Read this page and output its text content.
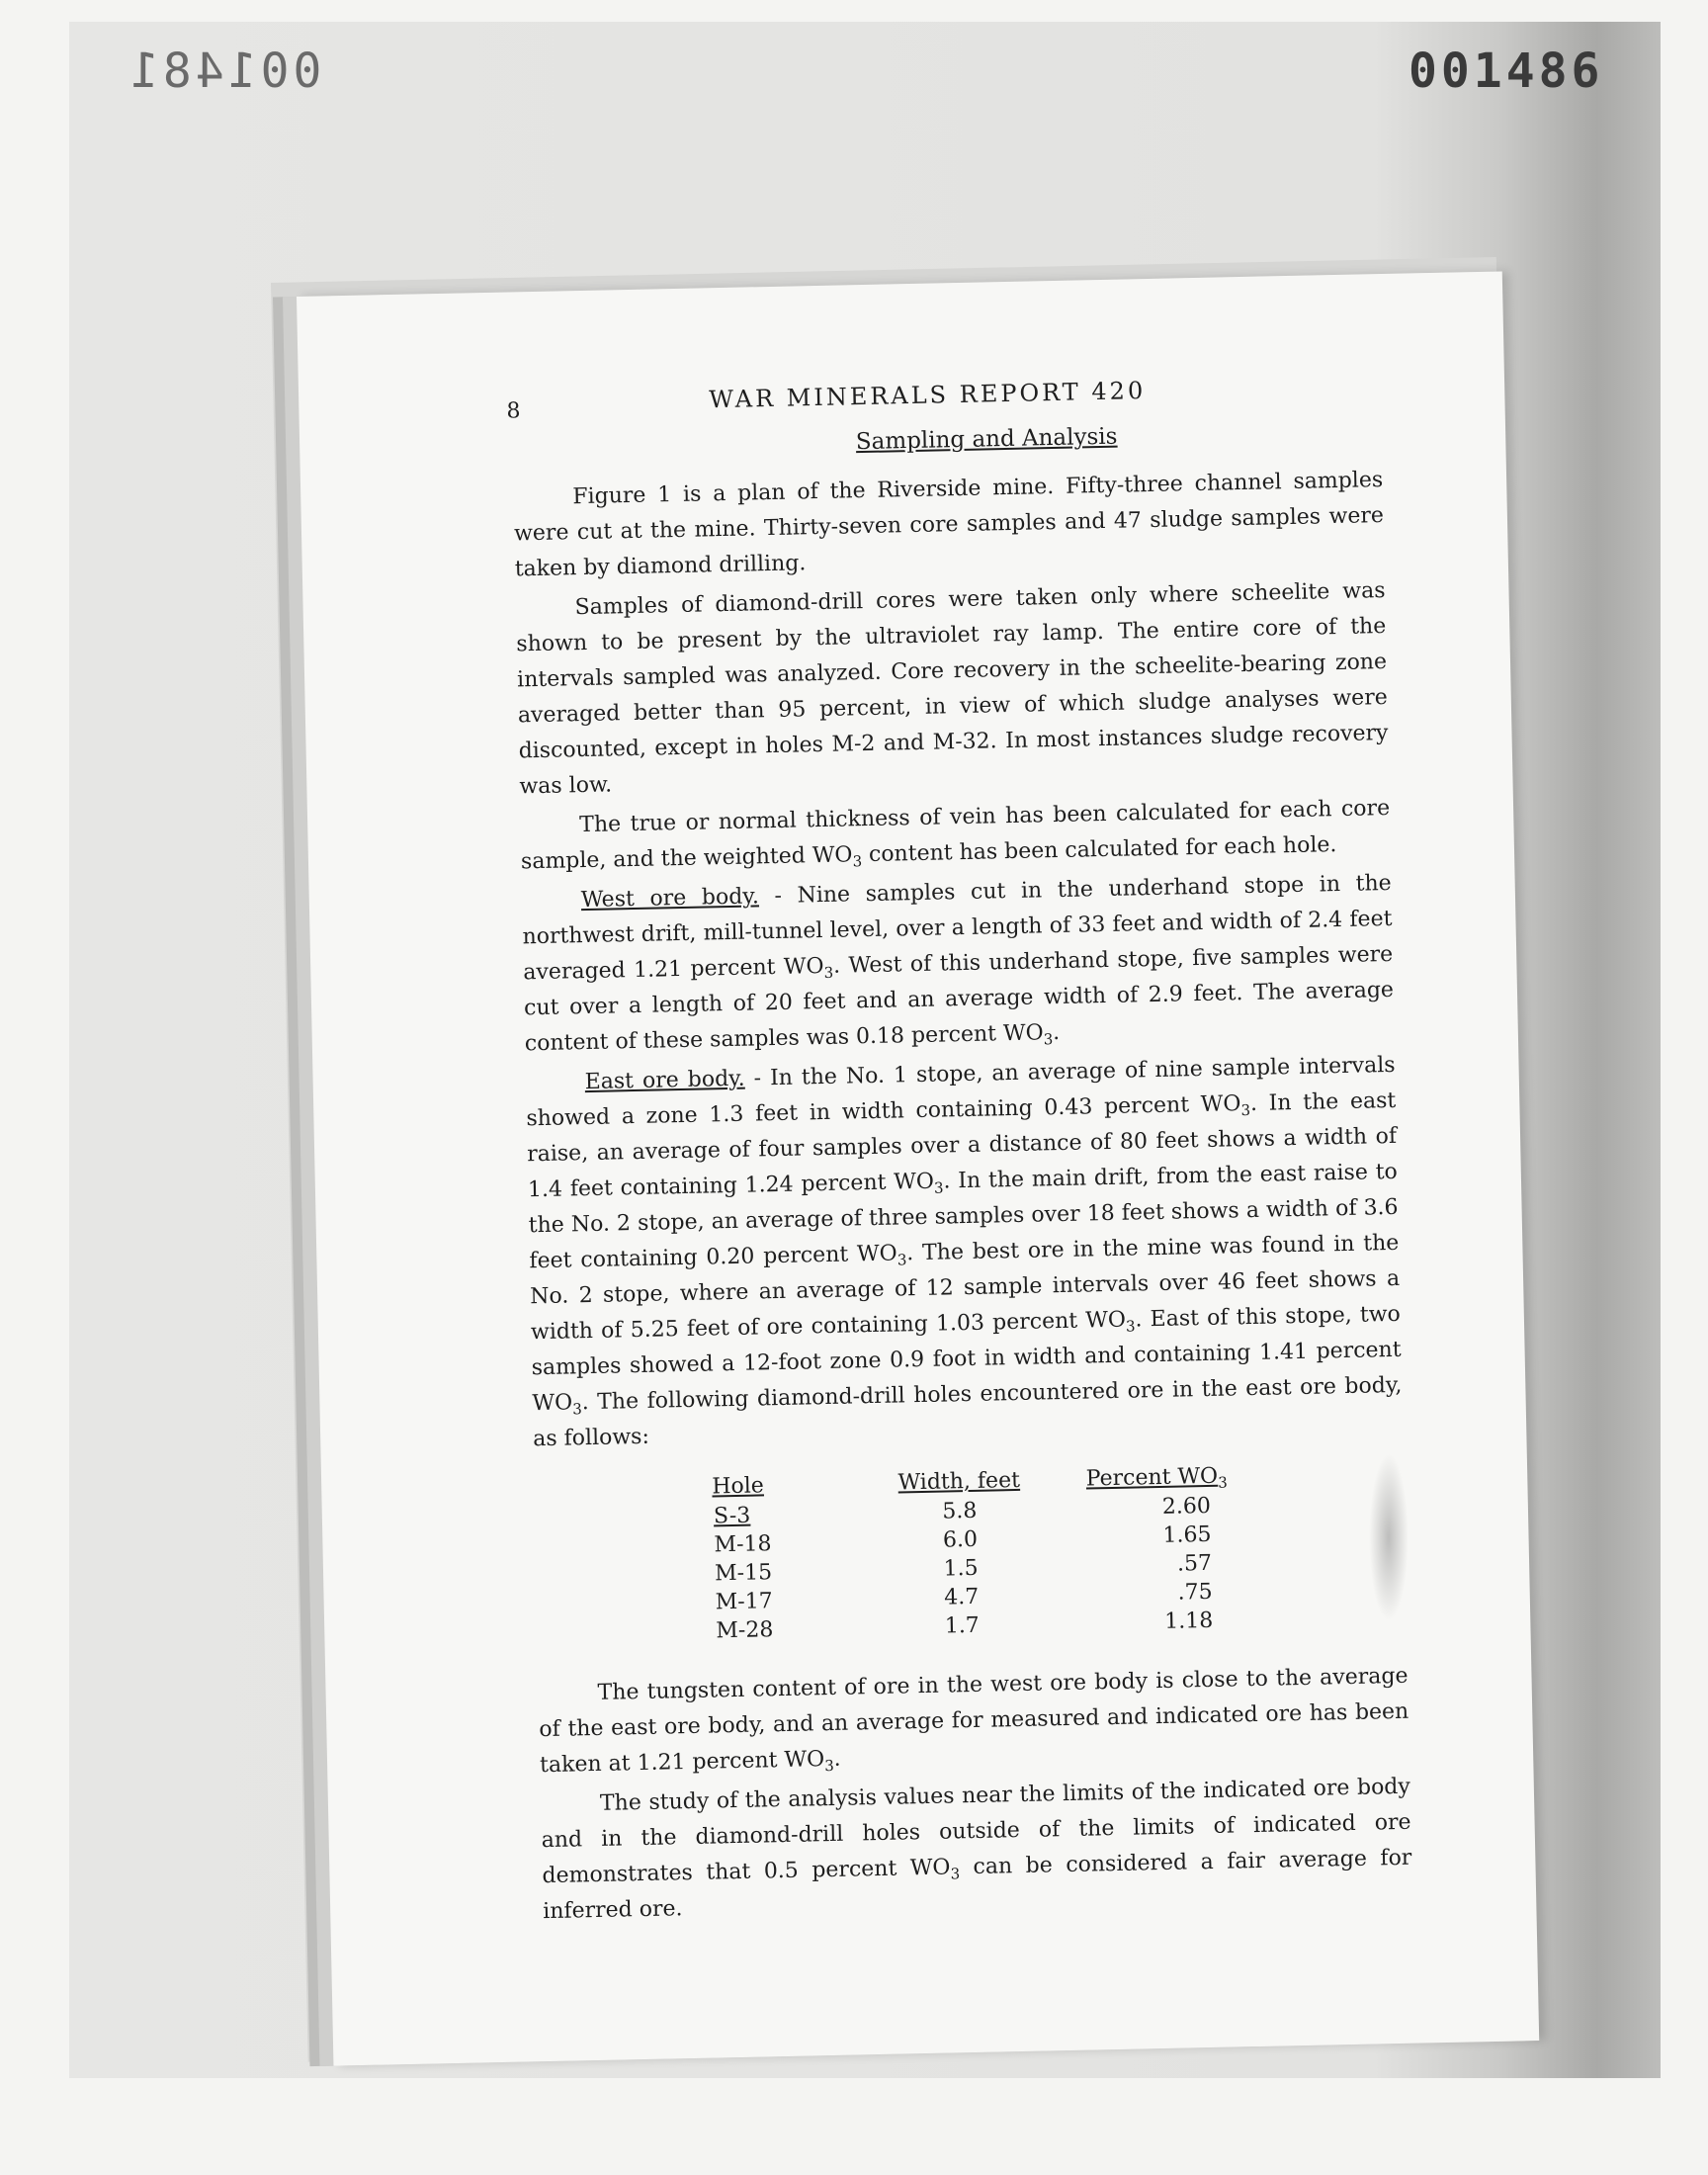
001481	001486
8	WAR MINERALS REPORT 420
Sampling and Analysis

Figure 1 is a plan of the Riverside mine. Fifty-three channel samples were cut at the mine. Thirty-seven core samples and 47 sludge samples were taken by diamond drilling.

Samples of diamond-drill cores were taken only where scheelite was shown to be present by the ultraviolet ray lamp. The entire core of the intervals sampled was analyzed. Core recovery in the scheelite-bearing zone averaged better than 95 percent, in view of which sludge analyses were discounted, except in holes M-2 and M-32. In most instances sludge recovery was low.

The true or normal thickness of vein has been calculated for each core sample, and the weighted $WO_3$ content has been calculated for each hole.

West ore body. - Nine samples cut in the underhand stope in the northwest drift, mill-tunnel level, over a length of 33 feet and width of 2.4 feet averaged 1.21 percent $WO_3$. West of this underhand stope, five samples were cut over a length of 20 feet and an average width of 2.9 feet. The average content of these samples was 0.18 percent $WO_3$.

East ore body. - In the No. 1 stope, an average of nine sample intervals showed a zone 1.3 feet in width containing 0.43 percent $WO_3$. In the east raise, an average of four samples over a distance of 80 feet shows a width of 1.4 feet containing 1.24 percent $WO_3$. In the main drift, from the east raise to the No. 2 stope, an average of three samples over 18 feet shows a width of 3.6 feet containing 0.20 percent $WO_3$. The best ore in the mine was found in the No. 2 stope, where an average of 12 sample intervals over 46 feet shows a width of 5.25 feet of ore containing 1.03 percent $WO_3$. East of this stope, two samples showed a 12-foot zone 0.9 foot in width and containing 1.41 percent $WO_3$. The following diamond-drill holes encountered ore in the east ore body, as follows:

Hole	Width, feet	Percent $WO_3$
S-3	5.8	2.60
M-18	6.0	1.65
M-15	1.5	.57
M-17	4.7	.75
M-28	1.7	1.18

The tungsten content of ore in the west ore body is close to the average of the east ore body, and an average for measured and indicated ore has been taken at 1.21 percent $WO_3$.

The study of the analysis values near the limits of the indicated ore body and in the diamond-drill holes outside of the limits of indicated ore demonstrates that 0.5 percent $WO_3$ can be considered a fair average for inferred ore.
